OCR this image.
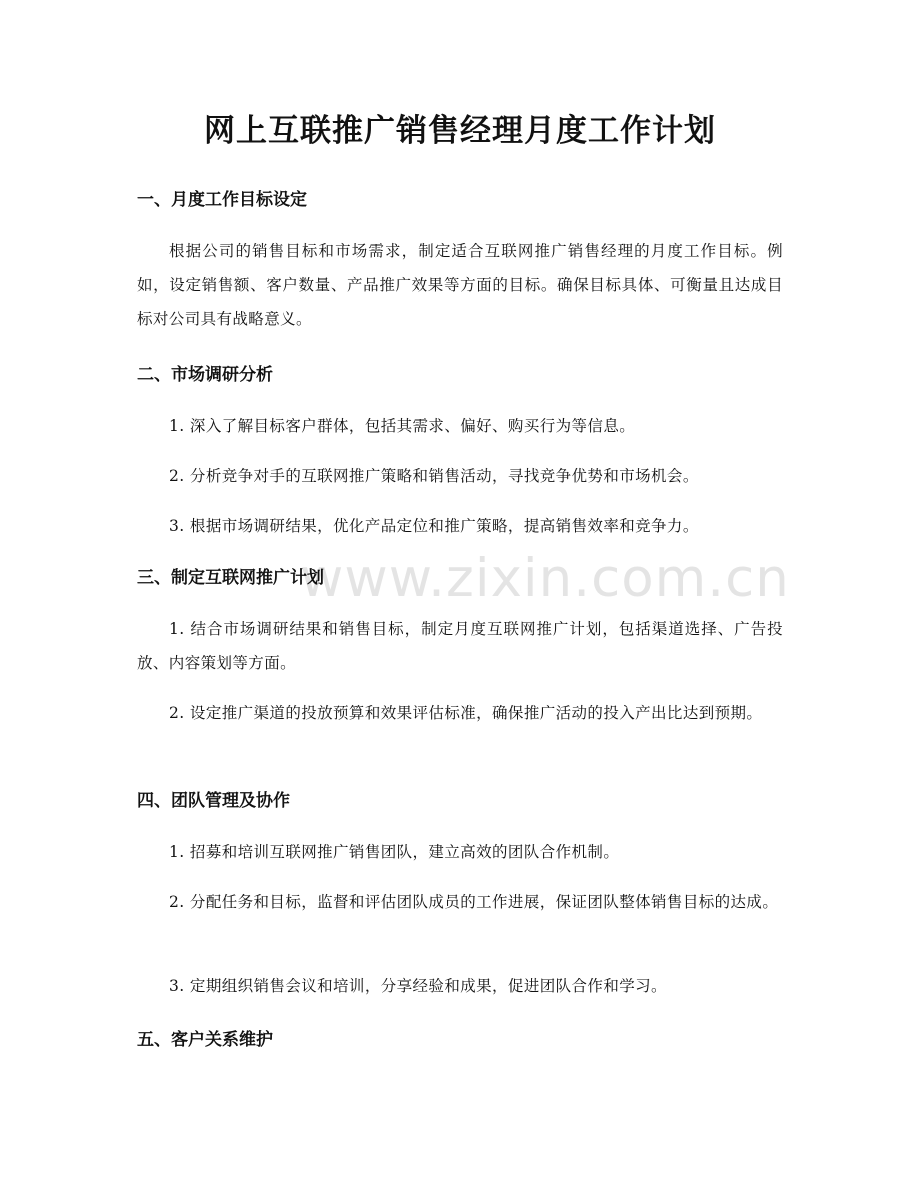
网上互联推广销售经理月度工作计划
www.zixin.com.cn
一、月度工作目标设定

根据公司的销售目标和市场需求，制定适合互联网推广销售经理的月度工作目标。例如，设定销售额、客户数量、产品推广效果等方面的目标。确保目标具体、可衡量且达成目标对公司具有战略意义。

二、市场调研分析

1. 深入了解目标客户群体，包括其需求、偏好、购买行为等信息。

2. 分析竞争对手的互联网推广策略和销售活动，寻找竞争优势和市场机会。

3. 根据市场调研结果，优化产品定位和推广策略，提高销售效率和竞争力。

三、制定互联网推广计划

1. 结合市场调研结果和销售目标，制定月度互联网推广计划，包括渠道选择、广告投放、内容策划等方面。

2. 设定推广渠道的投放预算和效果评估标准，确保推广活动的投入产出比达到预期。

四、团队管理及协作

1. 招募和培训互联网推广销售团队，建立高效的团队合作机制。

2. 分配任务和目标，监督和评估团队成员的工作进展，保证团队整体销售目标的达成。

3. 定期组织销售会议和培训，分享经验和成果，促进团队合作和学习。

五、客户关系维护
